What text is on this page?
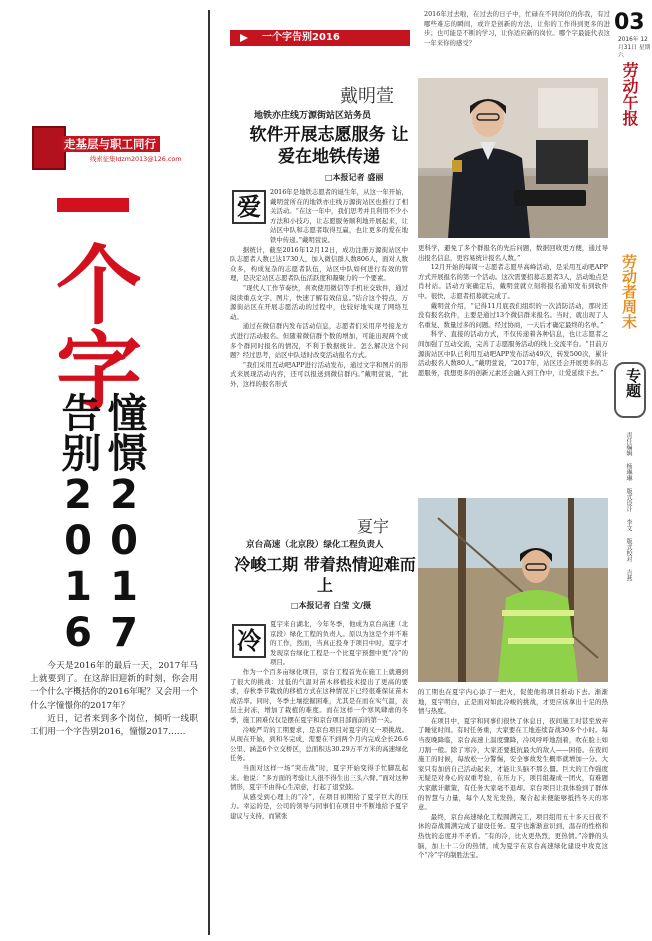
走基层与职工同行
线索征集ldzm2013@126.com
个字
憧憬2017
告别2016

今天是2016年的最后一天，2017年马上就要到了。在这辞旧迎新的时刻，你会用一个什么字概括你的2016年呢？又会用一个什么字憧憬你的2017年？

近日，记者来到多个岗位，倾听一线职工们用一个字告别2016，憧憬2017……

一个字告别2016
2016年过去啦，在过去的日子中，忙碌在不同岗位的你我，有过哪些难忘的瞬间，或许是创新的方法，让你的工作得到更多的进步；也可能是不断的学习，让你适应新的岗位。哪个字最能代表这一年来你的感受？
03
2016年 12月31日 星期六
劳动午报
劳动者周末
专题
责任编辑 杨琳琳 版式设计 李文 版式校对 吉燕
戴明萱
地铁亦庄线万源街站区站务员
软件开展志愿服务 让爱在地铁传递
□本报记者 盛丽
爱

2016年是地铁志愿者的诞生年，从这一年开始，戴明萱所在的地铁亦庄线万源街站区也推行了相关活动。“在这一年中，我们思考并且利用不少小方法和小技巧，让志愿服务顺利地开展起来，让站区中队和志愿者取得互赢，也让更多的爱在地铁中传递。”戴明萱说。

据统计，截至2016年12月12日，成功注册万源街站区中队志愿者人数已达1730人，加入微信群人数806人，面对人数众多，构成复杂的志愿者队伍，站区中队如何进行有效的管理，是决定站区志愿者队伍活跃度和凝聚力的一个要素。

“现代人工作节奏快，喜欢使用微信等手机社交软件，通过阅读重点文字、图片，快速了解有效信息。”结合这个特点，万源街站区在开展志愿活动的过程中，也较好地实现了网络互动。

通过在微信群内发布活动信息，志愿者们采用序号接龙方式进行活动报名。但随着微信群个数的增加，可能出现两个或多个群同时报名的情况，不利于数据统计。怎么解决这个问题？经过思考，站区中队适时改变活动报名方式。

“我们采用互动吧APP进行活动发布，通过文字和图片的形式来展现活动内容，还可以报送到微信群内。”戴明萱说，“此外，这样的报名形式

更科学，避免了多个群报名的先后问题，数据回收更方便，通过导出报名信息，更容易统计报名人数。”

12月开始的每周一志愿者志愿早高峰活动，是采用互动吧APP方式开展报名的第一个活动。这次需要招募志愿者3人，活动地点是肖村站。活动方案确定后，戴明萱就立刻将报名通知发布到软件中。很快，志愿者招募就完成了。

戴明萱介绍，“记得11月底我们组织的一次消防活动，那时还没有报名软件，主要是通过13个微信群来报名。当时，就出现了人名重复、数量过多的问题。经过协商，一天后才确定最终的名单。”

科学、直接的活动方式，不仅传递着各种信息，也让志愿者之间加强了互动交流，完善了志愿服务活动的线上交流平台。“目前万源街站区中队已利用互动吧APP发布活动49次，转发500次，累计活动报名人数80人。”戴明萱说，“2017年，站区还会开展更多的志愿服务，我想更多的创新元素还会融入到工作中，让爱延续下去。”

夏宇
京台高速（北京段）绿化工程负责人
冷峻工期 带着热情迎难而上
□本报记者 白莹 文/摄
冷

夏宇来自湖北，今年冬季，他成为京台高速（北京段）绿化工程的负责人。原以为这是个并不难的工作，然而，当真正投身于项目中时，夏宇才发现京台绿化工程是一个比夏宇预想中更“冷”的项目。

作为一个百多亩绿化项目，京台工程首先在施工上就遇到了很大的挑战：过低的气温对苗木移植技术提出了更高的要求，春秋季节栽放的移植方式在这种情况下已经很难保证苗木成活率。同时，冬季土壤挖掘困难，尤其是在而在实气温，表层土封冻，增加了栽植的难度。而在这样一个寒风肆虐的冬季，施工困难仅仅是摆在夏宇和京台项目部面前的第一关。

冷峻严苛的工期要求，是京台项目对夏宇的又一项挑战。从现在开始，到和冬完成，需要在不到两个月内完成全长26.6公里、涵盖6个立交桥区，总面积达30.29万平方米的高速绿化任务。

当面对这样一场“突击战”时，夏宇开始变得手忙脚乱起来。他说：“多方面的考验让人很不得生出三头六臂。”面对这种情形，夏宇不由得心生凉意，打起了退堂鼓。

从感受到心理上的“冷”，在项目初期给了夏宇巨大的压力。幸运的是，公司的领导与同事们在项目中不断地给予夏宇建议与支持，而紧张

的工期也在夏宇内心添了一把火，促使他将项目推动下去。渐渐地，夏宇明白，正是面对如此冷峻的挑战，才更应该拿出十足的热情与热度。

在项目中，夏宇和同事们很快了休息日，夜间施工时甚至放弃了睡觉时间。有时任务重，大家要在工地连续奋战30多个小时。每当夜晚降临，京台高速上温度骤降，冷风呼呼地刮着，吹在脸上如刀割一般。除了寒冷，大家还要抵抗最大的敌人——困倦。在夜间施工的时候，每放松一分警惕，安全事故发生概率就增加一分。大家只有加倍自己活动起来，才能让头脑不那么僵。巨大的工作强度无疑是对身心的双重考验，在压力下，项目组凝成一团火，有难题大家献计献策，有任务大家毫不退却。京台项目让我体验到了群体的智慧与力量，每个人发光发热，聚合起来便能够抵挡冬天的寒意。

最终，京台高速绿化工程圆满完工，项目组用五十多天日夜不休的奋战圆满完成了建设任务。夏宇也渐渐意识到，温存的性格和热忱的态度并不矛盾。“有的冷，比火更热烈，更热情。”冷静的头脑，加上十二分的热情，成为夏宇在京台高速绿化建设中攻克这个“冷”字的制胜法宝。
